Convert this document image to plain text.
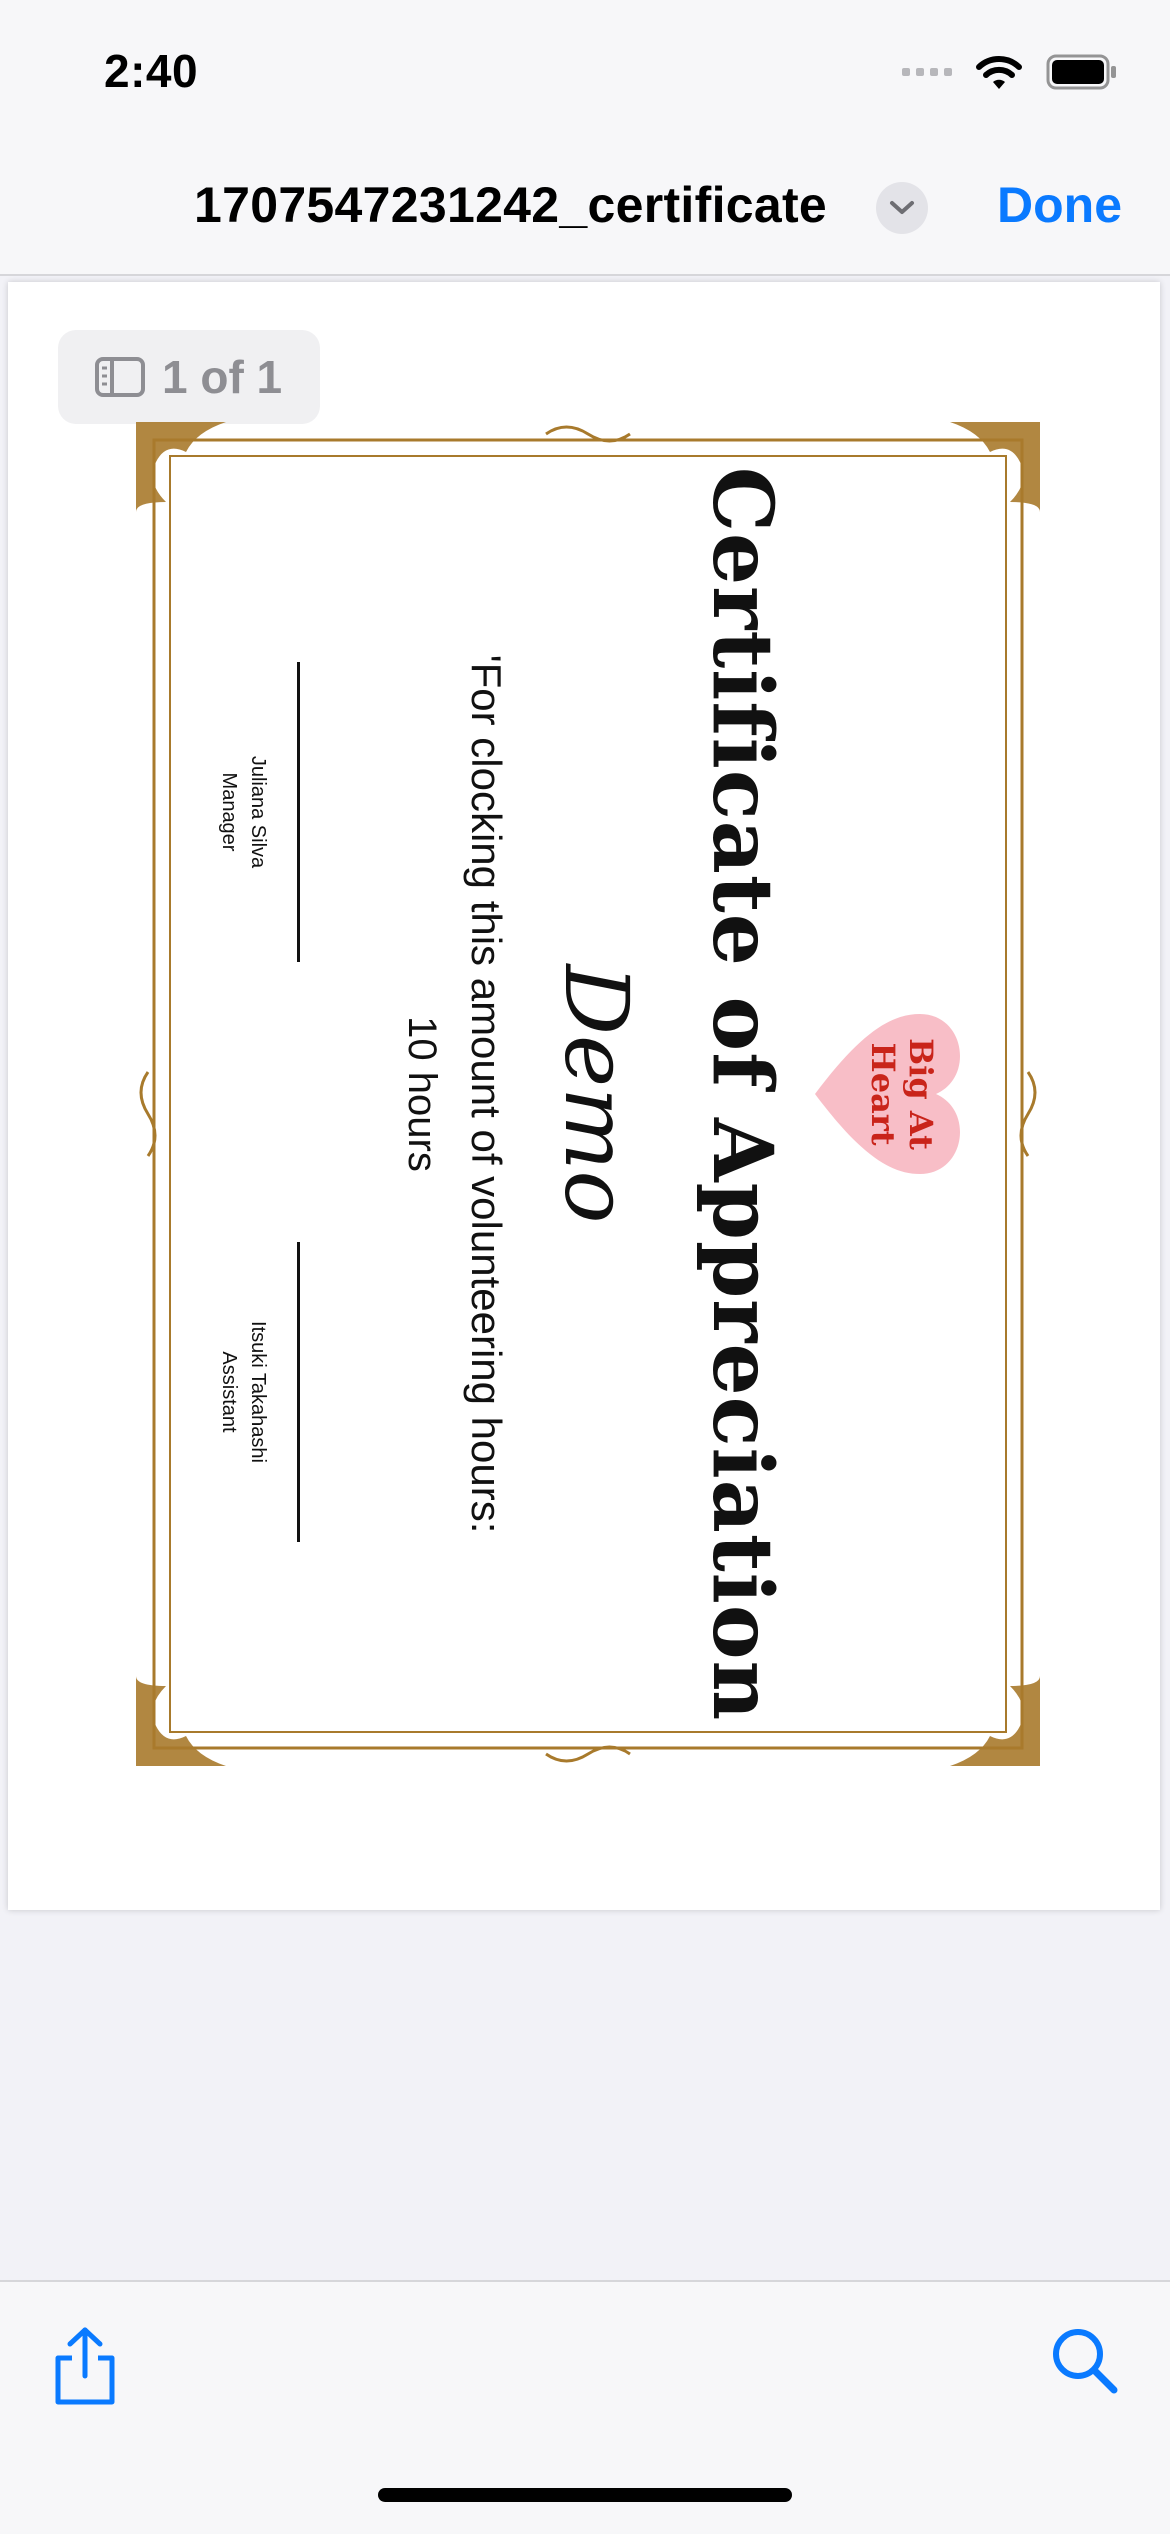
2:40
1707547231242_certificate	Done
1 of 1
Big At
Heart
Certificate of Appreciation
Demo
'For clocking this amount of volunteering hours:
10 hours
Juliana Silva
Manager
Itsuki Takahashi
Assistant
